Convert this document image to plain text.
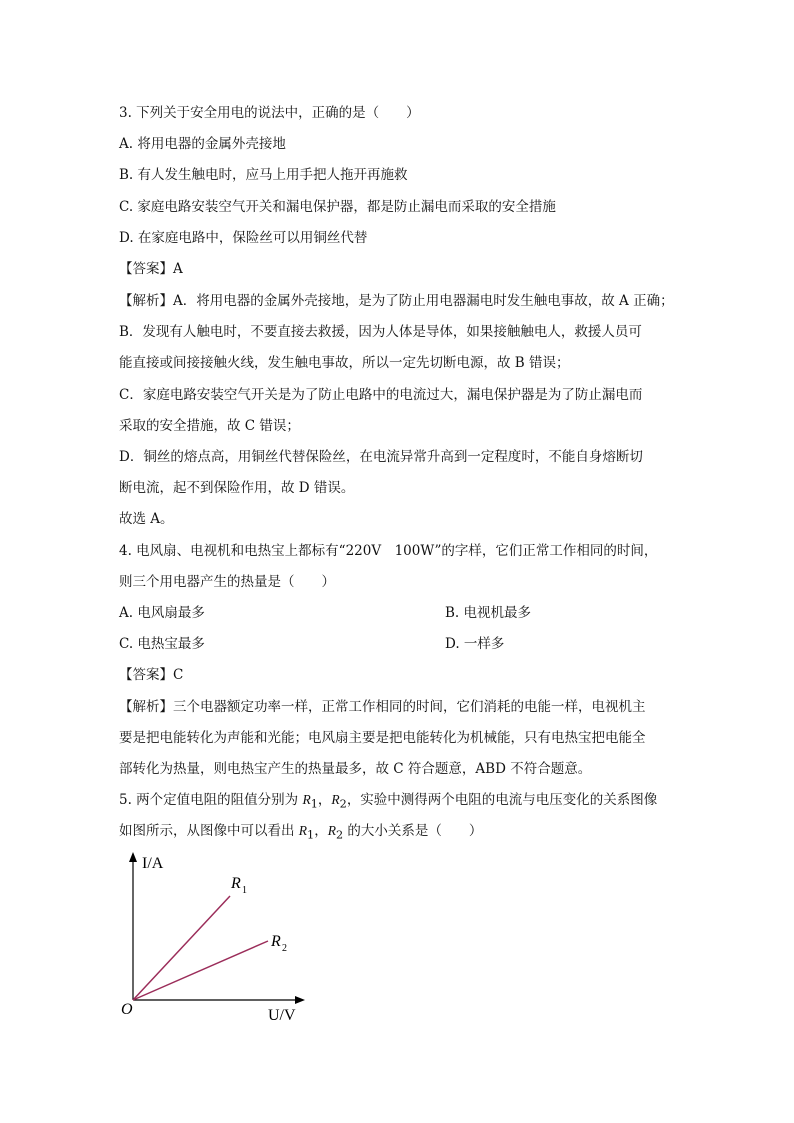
3. 下列关于安全用电的说法中，正确的是（　　）
A. 将用电器的金属外壳接地
B. 有人发生触电时，应马上用手把人拖开再施救
C. 家庭电路安装空气开关和漏电保护器，都是防止漏电而采取的安全措施
D. 在家庭电路中，保险丝可以用铜丝代替
【答案】A
【解析】A．将用电器的金属外壳接地，是为了防止用电器漏电时发生触电事故，故 A 正确；
B．发现有人触电时，不要直接去救援，因为人体是导体，如果接触触电人，救援人员可
能直接或间接接触火线，发生触电事故，所以一定先切断电源，故 B 错误；
C．家庭电路安装空气开关是为了防止电路中的电流过大，漏电保护器是为了防止漏电而
采取的安全措施，故 C 错误；
D．铜丝的熔点高，用铜丝代替保险丝，在电流异常升高到一定程度时，不能自身熔断切
断电流，起不到保险作用，故 D 错误。
故选 A。
4. 电风扇、电视机和电热宝上都标有“220V　100W”的字样，它们正常工作相同的时间，
则三个用电器产生的热量是（　　）
A. 电风扇最多
C. 电热宝最多
【答案】C
【解析】三个电器额定功率一样，正常工作相同的时间，它们消耗的电能一样，电视机主
要是把电能转化为声能和光能；电风扇主要是把电能转化为机械能，只有电热宝把电能全
部转化为热量，则电热宝产生的热量最多，故 C 符合题意，ABD 不符合题意。
B. 电视机最多
D. 一样多
5. 两个定值电阻的阻值分别为 $R_1$，$R_2$，实验中测得两个电阻的电流与电压变化的关系图像
如图所示，从图像中可以看出 $R_1$，$R_2$ 的大小关系是（　　）
I/A
U/V
O
R 1
R 2
